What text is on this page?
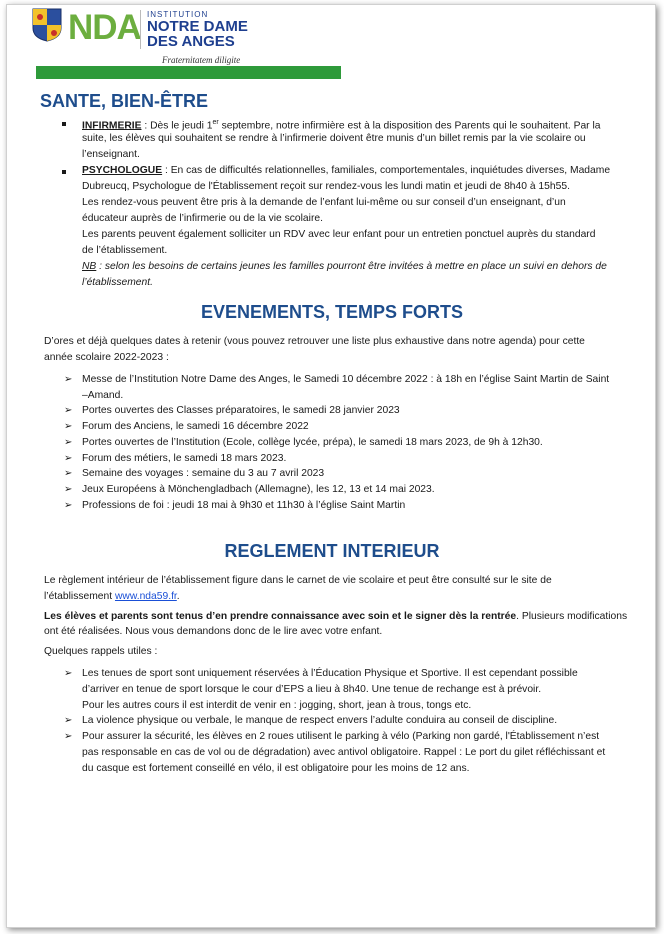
NDA INSTITUTION
NOTRE DAME
DES ANGES
Fraternitatem diligite
SANTE, BIEN-ÊTRE
INFIRMERIE : Dès le jeudi 1er septembre, notre infirmière est à la disposition des Parents qui le souhaitent. Par la
suite, les élèves qui souhaitent se rendre à l’infirmerie doivent être munis d’un billet remis par la vie scolaire ou
l’enseignant.
PSYCHOLOGUE : En cas de difficultés relationnelles, familiales, comportementales, inquiétudes diverses, Madame
Dubreucq, Psychologue de l'Établissement reçoit sur rendez-vous les lundi matin et jeudi de 8h40 à 15h55.
Les rendez-vous peuvent être pris à la demande de l’enfant lui-même ou sur conseil d’un enseignant, d’un
éducateur auprès de l’infirmerie ou de la vie scolaire.
Les parents peuvent également solliciter un RDV avec leur enfant pour un entretien ponctuel auprès du standard
de l’établissement.
NB : selon les besoins de certains jeunes les familles pourront être invitées à mettre en place un suivi en dehors de
l’établissement.
EVENEMENTS, TEMPS FORTS
D’ores et déjà quelques dates à retenir (vous pouvez retrouver une liste plus exhaustive dans notre agenda) pour cette
année scolaire 2022-2023 :
➢ Messe de l’Institution Notre Dame des Anges, le Samedi 10 décembre 2022 : à 18h en l’église Saint Martin de Saint
–Amand.
➢ Portes ouvertes des Classes préparatoires, le samedi 28 janvier 2023
➢ Forum des Anciens, le samedi 16 décembre 2022
➢ Portes ouvertes de l’Institution (Ecole, collège lycée, prépa), le samedi 18 mars 2023, de 9h à 12h30.
➢ Forum des métiers, le samedi 18 mars 2023.
➢ Semaine des voyages : semaine du 3 au 7 avril 2023
➢ Jeux Européens à Mönchengladbach (Allemagne), les 12, 13 et 14 mai 2023.
➢ Professions de foi : jeudi 18 mai à 9h30 et 11h30 à l’église Saint Martin
REGLEMENT INTERIEUR
Le règlement intérieur de l’établissement figure dans le carnet de vie scolaire et peut être consulté sur le site de
l’établissement www.nda59.fr.
Les élèves et parents sont tenus d’en prendre connaissance avec soin et le signer dès la rentrée. Plusieurs modifications
ont été réalisées. Nous vous demandons donc de le lire avec votre enfant.
Quelques rappels utiles :
➢ Les tenues de sport sont uniquement réservées à l’Éducation Physique et Sportive. Il est cependant possible
d’arriver en tenue de sport lorsque le cour d’EPS a lieu à 8h40. Une tenue de rechange est à prévoir.
Pour les autres cours il est interdit de venir en : jogging, short, jean à trous, tongs etc.
➢ La violence physique ou verbale, le manque de respect envers l’adulte conduira au conseil de discipline.
➢ Pour assurer la sécurité, les élèves en 2 roues utilisent le parking à vélo (Parking non gardé, l'Établissement n’est
pas responsable en cas de vol ou de dégradation) avec antivol obligatoire. Rappel : Le port du gilet réfléchissant et
du casque est fortement conseillé en vélo, il est obligatoire pour les moins de 12 ans.
